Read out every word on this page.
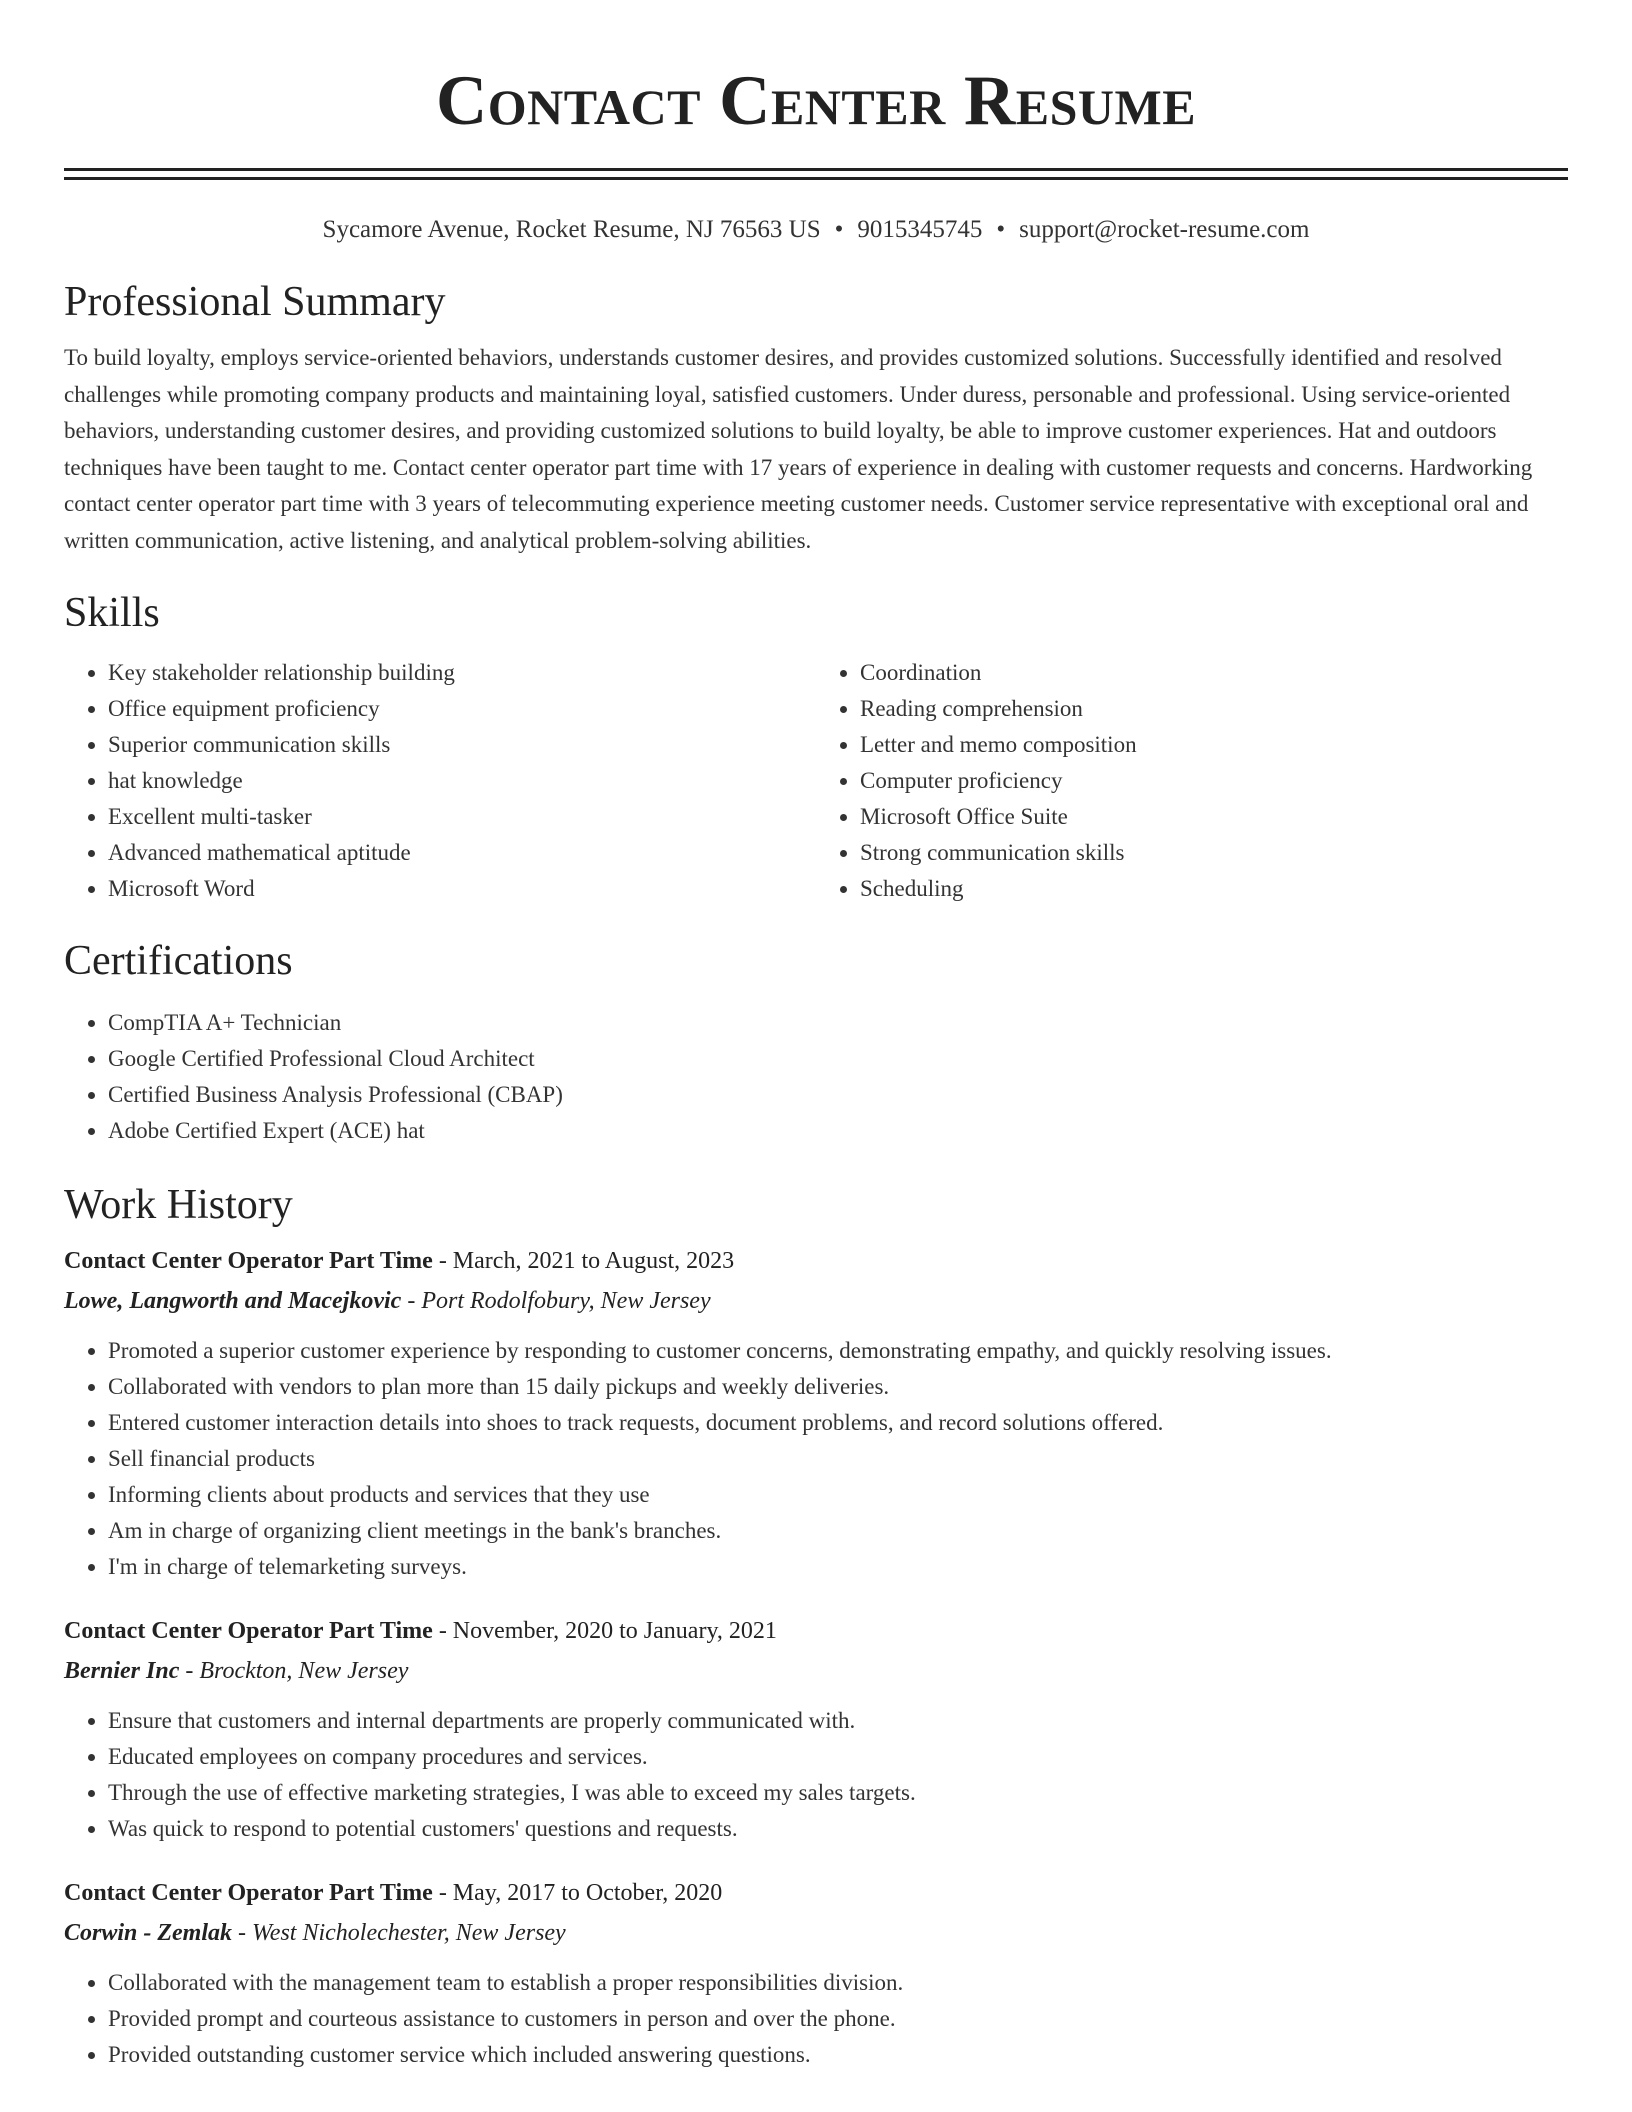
Contact Center Resume
Sycamore Avenue, Rocket Resume, NJ 76563 US • 9015345745 • support@rocket-resume.com
Professional Summary

To build loyalty, employs service-oriented behaviors, understands customer desires, and provides customized solutions. Successfully identified and resolved challenges while promoting company products and maintaining loyal, satisfied customers. Under duress, personable and professional. Using service-oriented behaviors, understanding customer desires, and providing customized solutions to build loyalty, be able to improve customer experiences. Hat and outdoors techniques have been taught to me. Contact center operator part time with 17 years of experience in dealing with customer requests and concerns. Hardworking contact center operator part time with 3 years of telecommuting experience meeting customer needs. Customer service representative with exceptional oral and written communication, active listening, and analytical problem-solving abilities.

Skills
• Key stakeholder relationship building
• Office equipment proficiency
• Superior communication skills
• hat knowledge
• Excellent multi-tasker
• Advanced mathematical aptitude
• Microsoft Word
• Coordination
• Reading comprehension
• Letter and memo composition
• Computer proficiency
• Microsoft Office Suite
• Strong communication skills
• Scheduling
Certifications
• CompTIA A+ Technician
• Google Certified Professional Cloud Architect
• Certified Business Analysis Professional (CBAP)
• Adobe Certified Expert (ACE) hat
Work History
Contact Center Operator Part Time - March, 2021 to August, 2023
Lowe, Langworth and Macejkovic - Port Rodolfobury, New Jersey
• Promoted a superior customer experience by responding to customer concerns, demonstrating empathy, and quickly resolving issues.
• Collaborated with vendors to plan more than 15 daily pickups and weekly deliveries.
• Entered customer interaction details into shoes to track requests, document problems, and record solutions offered.
• Sell financial products
• Informing clients about products and services that they use
• Am in charge of organizing client meetings in the bank's branches.
• I'm in charge of telemarketing surveys.
Contact Center Operator Part Time - November, 2020 to January, 2021
Bernier Inc - Brockton, New Jersey
• Ensure that customers and internal departments are properly communicated with.
• Educated employees on company procedures and services.
• Through the use of effective marketing strategies, I was able to exceed my sales targets.
• Was quick to respond to potential customers' questions and requests.
Contact Center Operator Part Time - May, 2017 to October, 2020
Corwin - Zemlak - West Nicholechester, New Jersey
• Collaborated with the management team to establish a proper responsibilities division.
• Provided prompt and courteous assistance to customers in person and over the phone.
• Provided outstanding customer service which included answering questions.
